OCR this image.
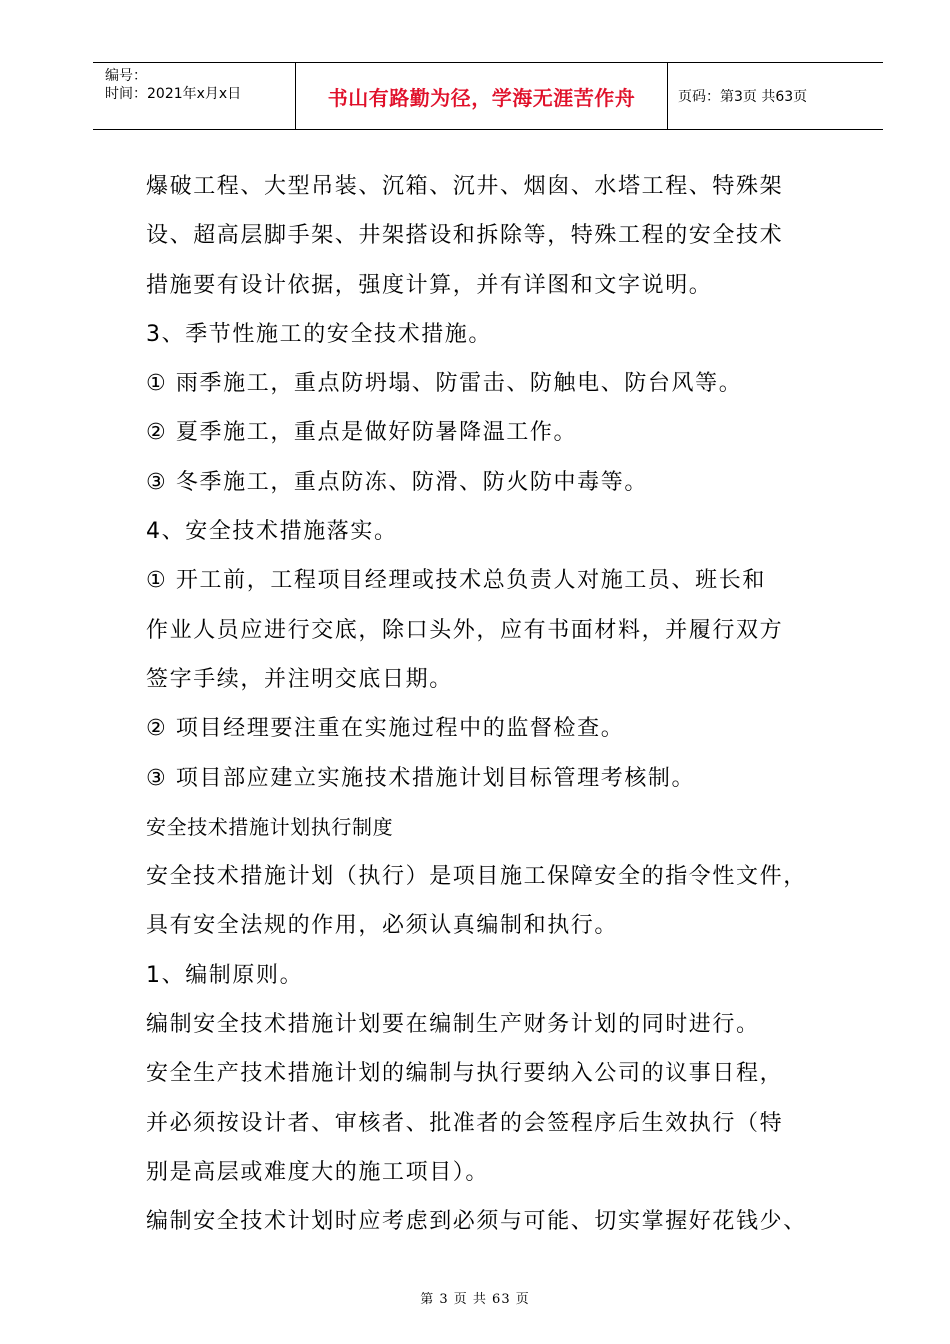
编号：
时间：2021年x月x日	书山有路勤为径，学海无涯苦作舟	页码：第3页 共63页
爆破工程、大型吊装、沉箱、沉井、烟囱、水塔工程、特殊架
设、超高层脚手架、井架搭设和拆除等，特殊工程的安全技术
措施要有设计依据，强度计算，并有详图和文字说明。
3、季节性施工的安全技术措施。
① 雨季施工，重点防坍塌、防雷击、防触电、防台风等。
② 夏季施工，重点是做好防暑降温工作。
③ 冬季施工，重点防冻、防滑、防火防中毒等。
4、安全技术措施落实。
① 开工前，工程项目经理或技术总负责人对施工员、班长和
作业人员应进行交底，除口头外，应有书面材料，并履行双方
签字手续，并注明交底日期。
② 项目经理要注重在实施过程中的监督检查。
③ 项目部应建立实施技术措施计划目标管理考核制。
安全技术措施计划执行制度
安全技术措施计划（执行）是项目施工保障安全的指令性文件，
具有安全法规的作用，必须认真编制和执行。
1、编制原则。
编制安全技术措施计划要在编制生产财务计划的同时进行。
安全生产技术措施计划的编制与执行要纳入公司的议事日程，
并必须按设计者、审核者、批准者的会签程序后生效执行（特
别是高层或难度大的施工项目）。
编制安全技术计划时应考虑到必须与可能、切实掌握好花钱少、
第 3 页 共 63 页
